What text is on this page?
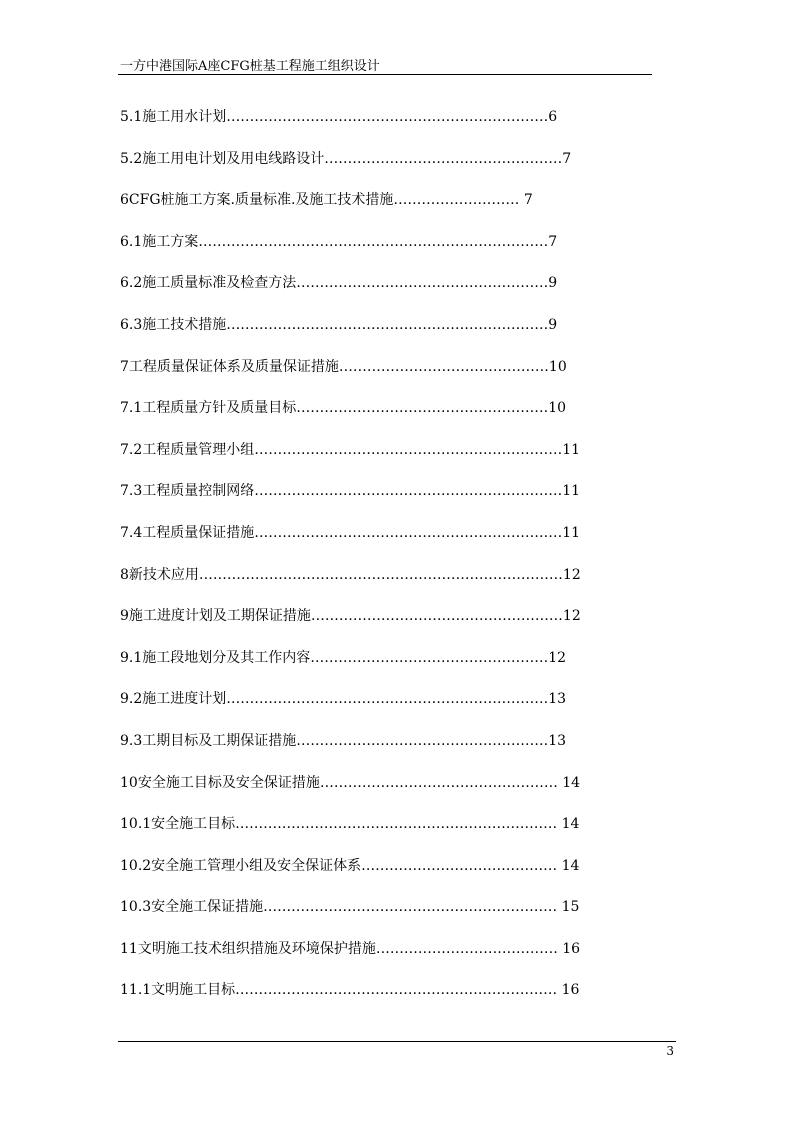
一方中港国际A座CFG桩基工程施工组织设计
5.1施工用水计划……………………………………………………………6
5.2施工用电计划及用电线路设计……………………………………………7
6CFG桩施工方案.质量标准.及施工技术措施……………………… 7
6.1施工方案…………………………………………………………………7
6.2施工质量标准及检查方法………………………………………………9
6.3施工技术措施……………………………………………………………9
7工程质量保证体系及质量保证措施………………………………………10
7.1工程质量方针及质量目标………………………………………………10
7.2工程质量管理小组…………………………………………………………11
7.3工程质量控制网络…………………………………………………………11
7.4工程质量保证措施…………………………………………………………11
8新技术应用……………………………………………………………………12
9施工进度计划及工期保证措施………………………………………………12
9.1施工段地划分及其工作内容……………………………………………12
9.2施工进度计划……………………………………………………………13
9.3工期目标及工期保证措施………………………………………………13
10安全施工目标及安全保证措施…………………………………………… 14
10.1安全施工目标…………………………………………………………… 14
10.2安全施工管理小组及安全保证体系…………………………………… 14
10.3安全施工保证措施……………………………………………………… 15
11文明施工技术组织措施及环境保护措施………………………………… 16
11.1文明施工目标…………………………………………………………… 16
3
